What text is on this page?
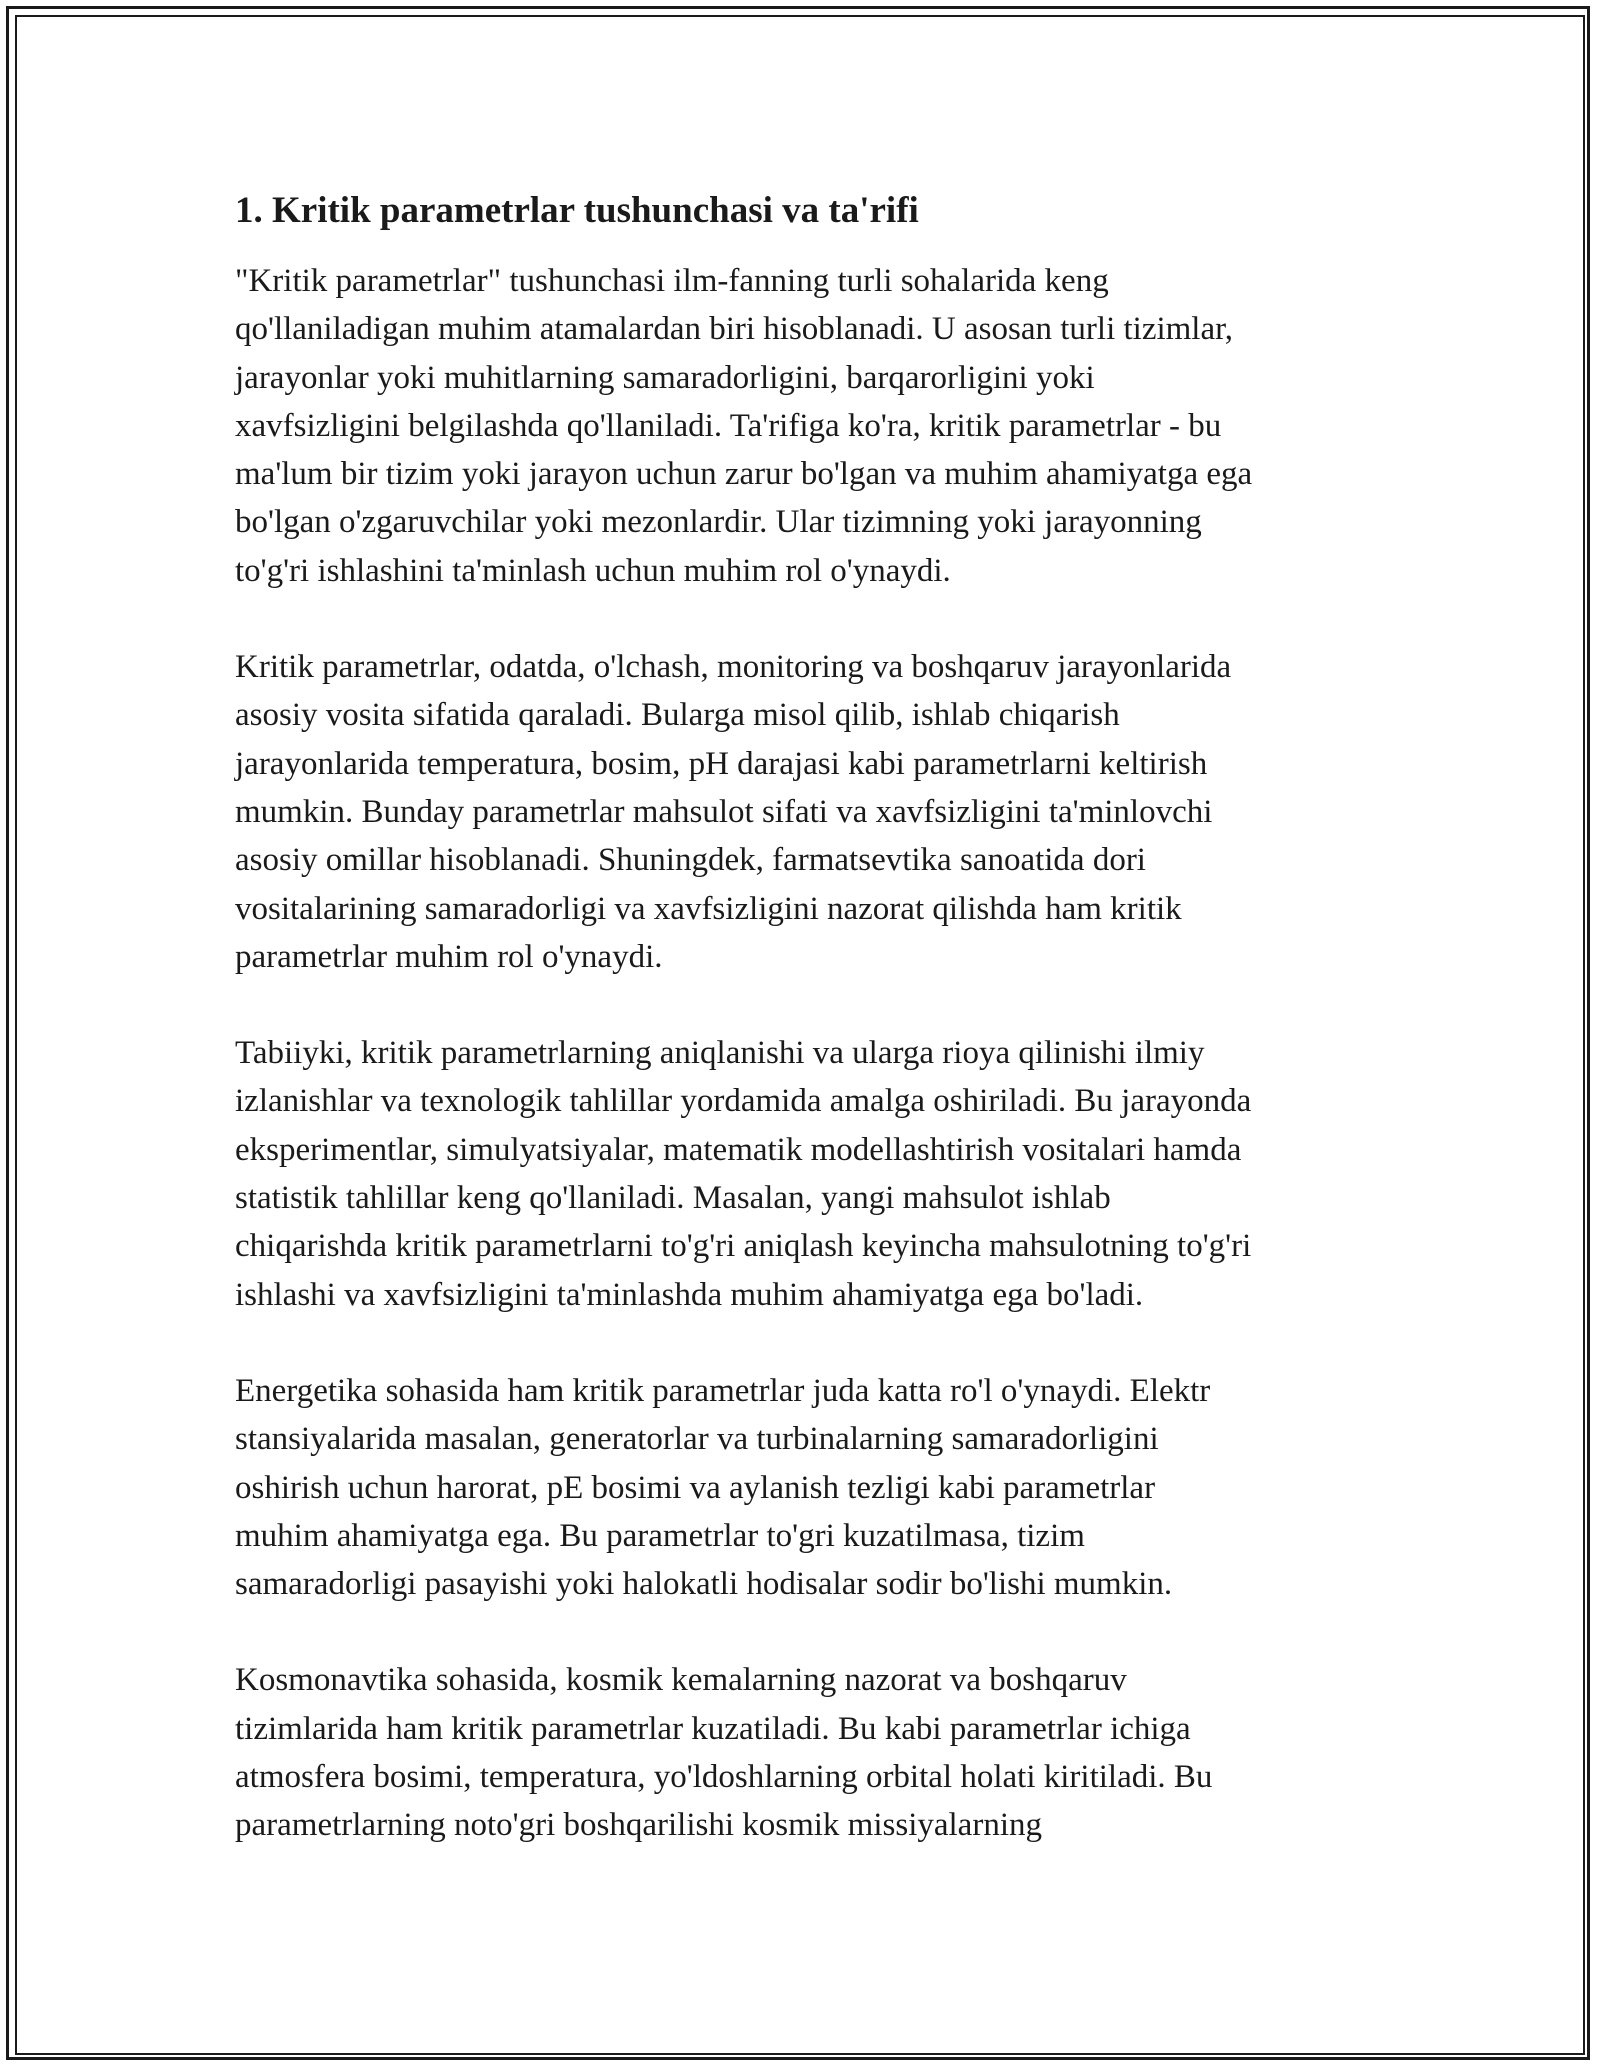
1. Kritik parametrlar tushunchasi va ta'rifi
"Kritik parametrlar" tushunchasi ilm-fanning turli sohalarida keng
qo'llaniladigan muhim atamalardan biri hisoblanadi. U asosan turli tizimlar,
jarayonlar yoki muhitlarning samaradorligini, barqarorligini yoki
xavfsizligini belgilashda qo'llaniladi. Ta'rifiga ko'ra, kritik parametrlar - bu
ma'lum bir tizim yoki jarayon uchun zarur bo'lgan va muhim ahamiyatga ega
bo'lgan o'zgaruvchilar yoki mezonlardir. Ular tizimning yoki jarayonning
to'g'ri ishlashini ta'minlash uchun muhim rol o'ynaydi.
Kritik parametrlar, odatda, o'lchash, monitoring va boshqaruv jarayonlarida
asosiy vosita sifatida qaraladi. Bularga misol qilib, ishlab chiqarish
jarayonlarida temperatura, bosim, pH darajasi kabi parametrlarni keltirish
mumkin. Bunday parametrlar mahsulot sifati va xavfsizligini ta'minlovchi
asosiy omillar hisoblanadi. Shuningdek, farmatsevtika sanoatida dori
vositalarining samaradorligi va xavfsizligini nazorat qilishda ham kritik
parametrlar muhim rol o'ynaydi.
Tabiiyki, kritik parametrlarning aniqlanishi va ularga rioya qilinishi ilmiy
izlanishlar va texnologik tahlillar yordamida amalga oshiriladi. Bu jarayonda
eksperimentlar, simulyatsiyalar, matematik modellashtirish vositalari hamda
statistik tahlillar keng qo'llaniladi. Masalan, yangi mahsulot ishlab
chiqarishda kritik parametrlarni to'g'ri aniqlash keyincha mahsulotning to'g'ri
ishlashi va xavfsizligini ta'minlashda muhim ahamiyatga ega bo'ladi.
Energetika sohasida ham kritik parametrlar juda katta ro'l o'ynaydi. Elektr
stansiyalarida masalan, generatorlar va turbinalarning samaradorligini
oshirish uchun harorat, pE bosimi va aylanish tezligi kabi parametrlar
muhim ahamiyatga ega. Bu parametrlar to'gri kuzatilmasa, tizim
samaradorligi pasayishi yoki halokatli hodisalar sodir bo'lishi mumkin.
Kosmonavtika sohasida, kosmik kemalarning nazorat va boshqaruv
tizimlarida ham kritik parametrlar kuzatiladi. Bu kabi parametrlar ichiga
atmosfera bosimi, temperatura, yo'ldoshlarning orbital holati kiritiladi. Bu
parametrlarning noto'gri boshqarilishi kosmik missiyalarning
